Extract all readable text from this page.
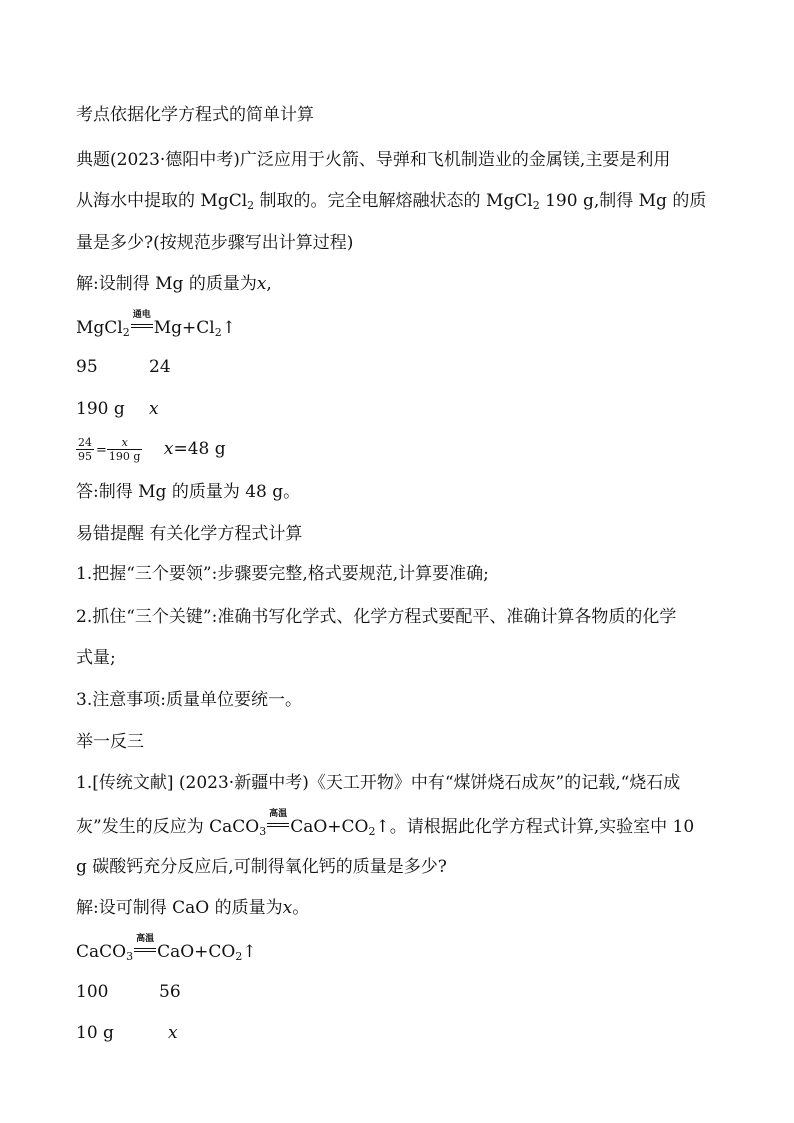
考点依据化学方程式的简单计算
典题(2023·德阳中考)广泛应用于火箭、导弹和飞机制造业的金属镁,主要是利用
从海水中提取的 MgCl$_2$ 制取的。完全电解熔融状态的 MgCl$_2$ 190 g,制得 Mg 的质
量是多少?(按规范步骤写出计算过程)
解:设制得 Mg 的质量为x,
MgCl$_2$
通电
$Mg+Cl_2↑$
95	24
190 g x
$\frac{24}{95} = \frac{x}{190 g} x=48$ g
答:制得 Mg 的质量为 48 g。
易错提醒 有关化学方程式计算
1.把握“三个要领”:步骤要完整,格式要规范,计算要准确;
2.抓住“三个关键”:准确书写化学式、化学方程式要配平、准确计算各物质的化学
式量;
3.注意事项:质量单位要统一。
举一反三
1.[传统文献] (2023·新疆中考)《天工开物》中有“煤饼烧石成灰”的记载,“烧石成
灰”发生的反应为 CaCO$_3$
高温
$CaO+CO_2↑$。请根据此化学方程式计算,实验室中 10
g 碳酸钙充分反应后,可制得氧化钙的质量是多少?
解:设可制得 CaO 的质量为x。
CaCO$_3$
高温
$CaO+CO_2↑$
100	56
10 g	x
